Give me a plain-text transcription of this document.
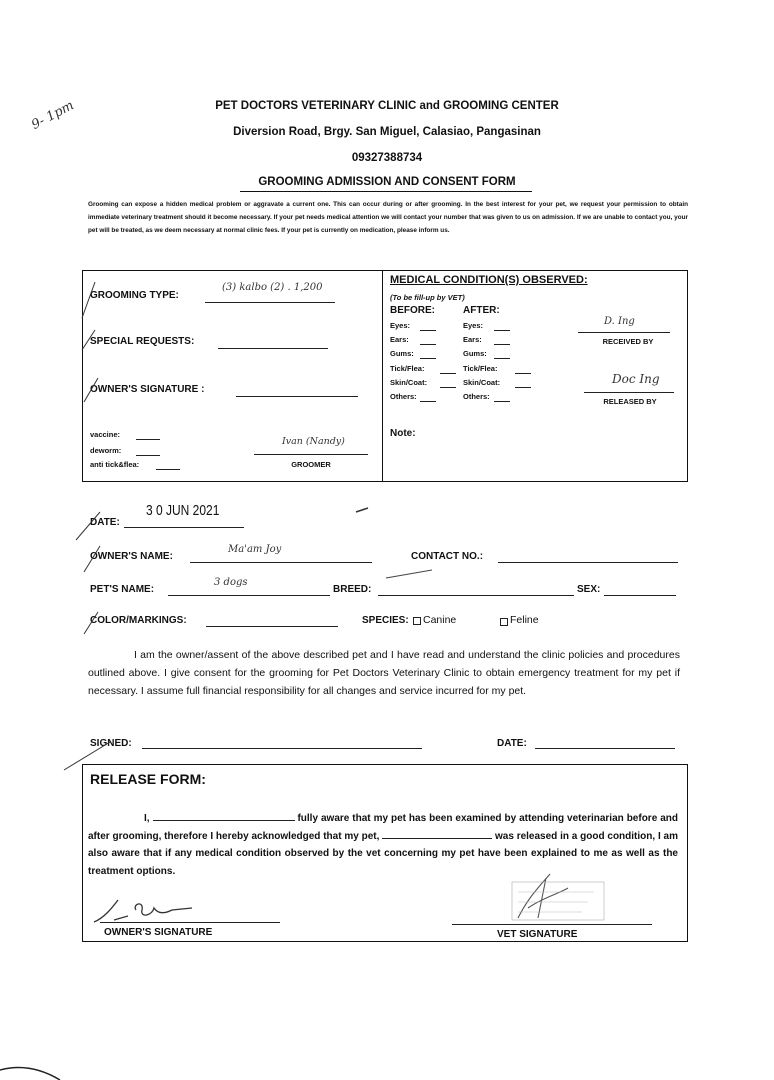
9- 1pm	PET DOCTORS VETERINARY CLINIC and GROOMING CENTER
Diversion Road, Brgy. San Miguel, Calasiao, Pangasinan
09327388734
GROOMING ADMISSION AND CONSENT FORM
Grooming can expose a hidden medical problem or aggravate a current one. This can occur during or after grooming. In the best interest for your pet, we request your permission to obtain immediate veterinary treatment should it become necessary. If your pet needs medical attention we will contact your number that was given to us on admission. If we are unable to contact you, your pet will be treated, as we deem necessary at normal clinic fees. If your pet is currently on medication, please inform us.
GROOMING TYPE:
(3) kalbo (2) . 1,200
SPECIAL REQUESTS:
OWNER'S SIGNATURE :
vaccine:
deworm:
anti tick&flea:
Ivan (Nandy)
GROOMER
MEDICAL CONDITION(S) OBSERVED:
(To be fill-up by VET)
BEFORE:	AFTER:
Eyes:	Eyes:
Ears:	Ears:
Gums:	Gums:
Tick/Flea:	Tick/Flea:
Skin/Coat:	Skin/Coat:
Others:	Others:
D. Ing
RECEIVED BY
Doc Ing
RELEASED BY
Note:
DATE:
3 0 JUN 2021
OWNER'S NAME:
Ma'am Joy
CONTACT NO.:
PET'S NAME:
3 dogs
BREED:	SEX:
COLOR/MARKINGS:	SPECIES: Canine	Feline
I am the owner/assent of the above described pet and I have read and understand the clinic policies and procedures outlined above. I give consent for the grooming for Pet Doctors Veterinary Clinic to obtain emergency treatment for my pet if necessary. I assume full financial responsibility for all changes and service incurred for my pet.
SIGNED:	DATE:
RELEASE FORM:
I,	fully aware that my pet has been examined by attending veterinarian before and after grooming, therefore I hereby acknowledged that my pet,	was released in a good condition, I am also aware that if any medical condition observed by the vet concerning my pet have been explained to me as well as the treatment options.
OWNER'S SIGNATURE	VET SIGNATURE
